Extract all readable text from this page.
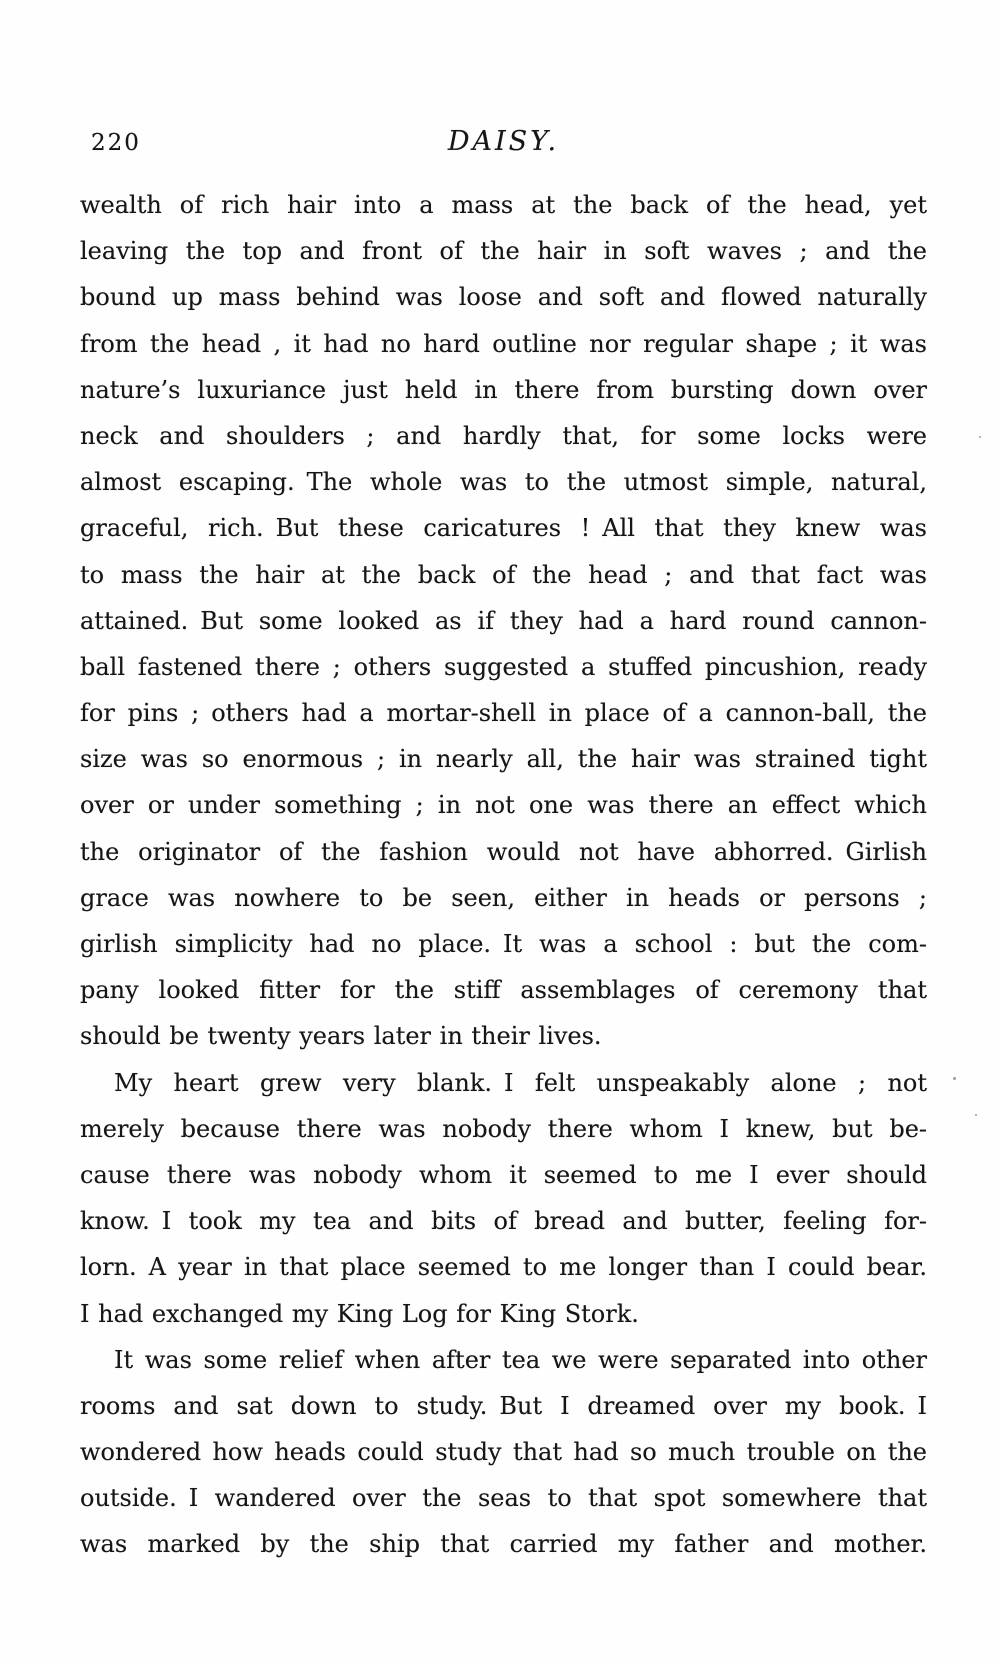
220	DAISY.
wealth of rich hair into a mass at the back of the head, yet
leaving the top and front of the hair in soft waves ; and the
bound up mass behind was loose and soft and flowed naturally
from the head , it had no hard outline nor regular shape ; it was
nature’s luxuriance just held in there from bursting down over
neck and shoulders ; and hardly that, for some locks were
almost escaping. The whole was to the utmost simple, natural,
graceful, rich. But these caricatures ! All that they knew was
to mass the hair at the back of the head ; and that fact was
attained. But some looked as if they had a hard round cannon-
ball fastened there ; others suggested a stuffed pincushion, ready
for pins ; others had a mortar-shell in place of a cannon-ball, the
size was so enormous ; in nearly all, the hair was strained tight
over or under something ; in not one was there an effect which
the originator of the fashion would not have abhorred. Girlish
grace was nowhere to be seen, either in heads or persons ;
girlish simplicity had no place. It was a school : but the com-
pany looked fitter for the stiff assemblages of ceremony that
should be twenty years later in their lives.
My heart grew very blank. I felt unspeakably alone ; not
merely because there was nobody there whom I knew, but be-
cause there was nobody whom it seemed to me I ever should
know. I took my tea and bits of bread and butter, feeling for-
lorn. A year in that place seemed to me longer than I could bear.
I had exchanged my King Log for King Stork.
It was some relief when after tea we were separated into other
rooms and sat down to study. But I dreamed over my book. I
wondered how heads could study that had so much trouble on the
outside. I wandered over the seas to that spot somewhere that
was marked by the ship that carried my father and mother.
